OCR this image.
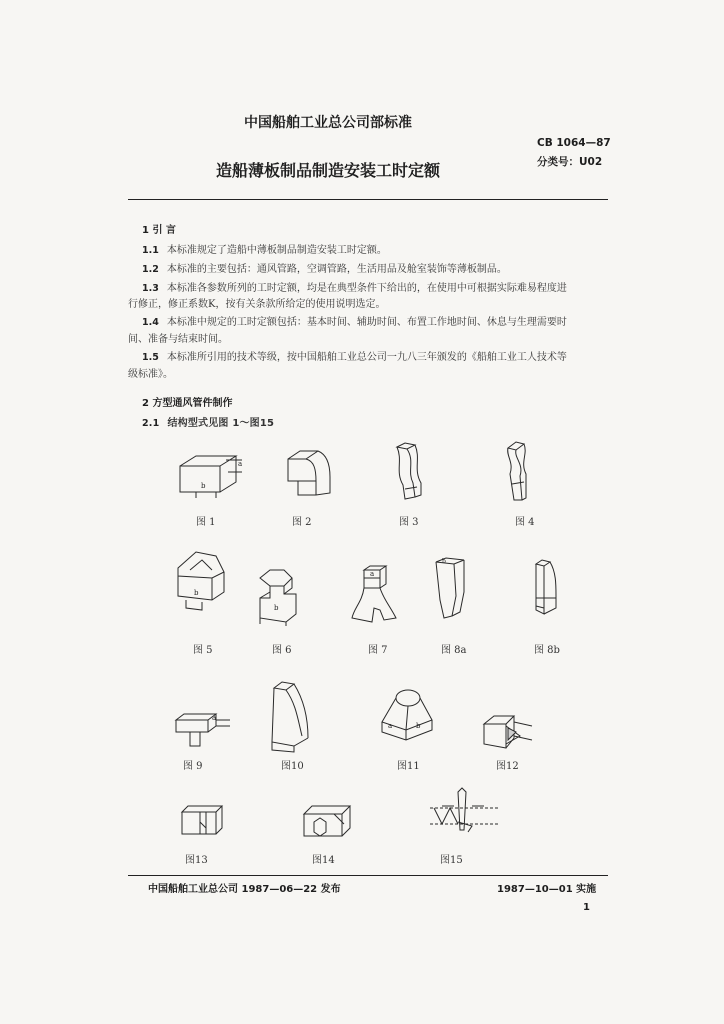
中国船舶工业总公司部标准
CB 1064—87
分类号：U02
造船薄板制品制造安装工时定额
1 引 言
1.1 本标准规定了造船中薄板制品制造安装工时定额。
1.2 本标准的主要包括：通风管路，空调管路，生活用品及舱室装饰等薄板制品。
1.3 本标准各参数所列的工时定额，均是在典型条件下给出的，在使用中可根据实际难易程度进
行修正，修正系数K，按有关条款所给定的使用说明选定。
1.4 本标准中规定的工时定额包括：基本时间、辅助时间、布置工作地时间、休息与生理需要时
间、准备与结束时间。
1.5 本标准所引用的技术等级，按中国船舶工业总公司一九八三年颁发的《船舶工业工人技术等
级标准》。
2 方型通风管件制作
2.1 结构型式见图 1～图15
b
a
图 1	图 2	图 3	图 4
b
图 5
b
图 6
a
图 7
b
图 8a	图 8b
a
图 9	图10
a	b
图11	图12
图13	图14	图15
中国船舶工业总公司 1987—06—22 发布	1987—10—01 实施
1
